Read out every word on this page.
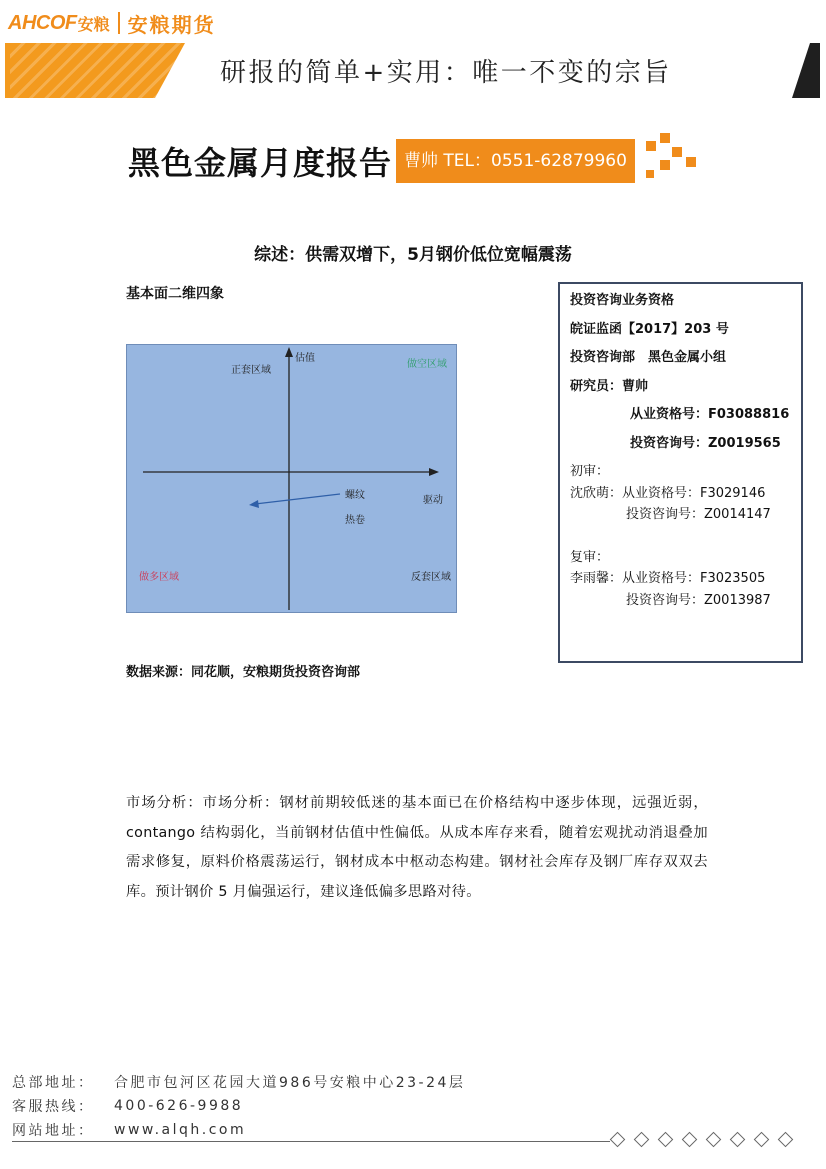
AHCOF 安粮 安粮期货
研报的简单+实用：唯一不变的宗旨
黑色金属月度报告 曹帅 TEL：0551-62879960
综述：供需双增下，5月钢价低位宽幅震荡
基本面二维四象
估值
驱动
正套区域
做空区域
做多区域	反套区域
螺纹
热卷
数据来源：同花顺，安粮期货投资咨询部
投资咨询业务资格
皖证监函【2017】203 号
投资咨询部　黑色金属小组
研究员：曹帅
从业资格号：F03088816
投资咨询号：Z0019565
初审：
沈欣萌：从业资格号：F3029146
投资咨询号：Z0014147
复审：
李雨馨：从业资格号：F3023505
投资咨询号：Z0013987
市场分析：市场分析：钢材前期较低迷的基本面已在价格结构中逐步体现，远强近弱，contango 结构弱化，当前钢材估值中性偏低。从成本库存来看，随着宏观扰动消退叠加需求修复，原料价格震荡运行，钢材成本中枢动态构建。钢材社会库存及钢厂库存双双去库。预计钢价 5 月偏强运行，建议逢低偏多思路对待。
总部地址：	合肥市包河区花园大道986号安粮中心23-24层
客服热线：	400-626-9988
网站地址：	www.alqh.com
